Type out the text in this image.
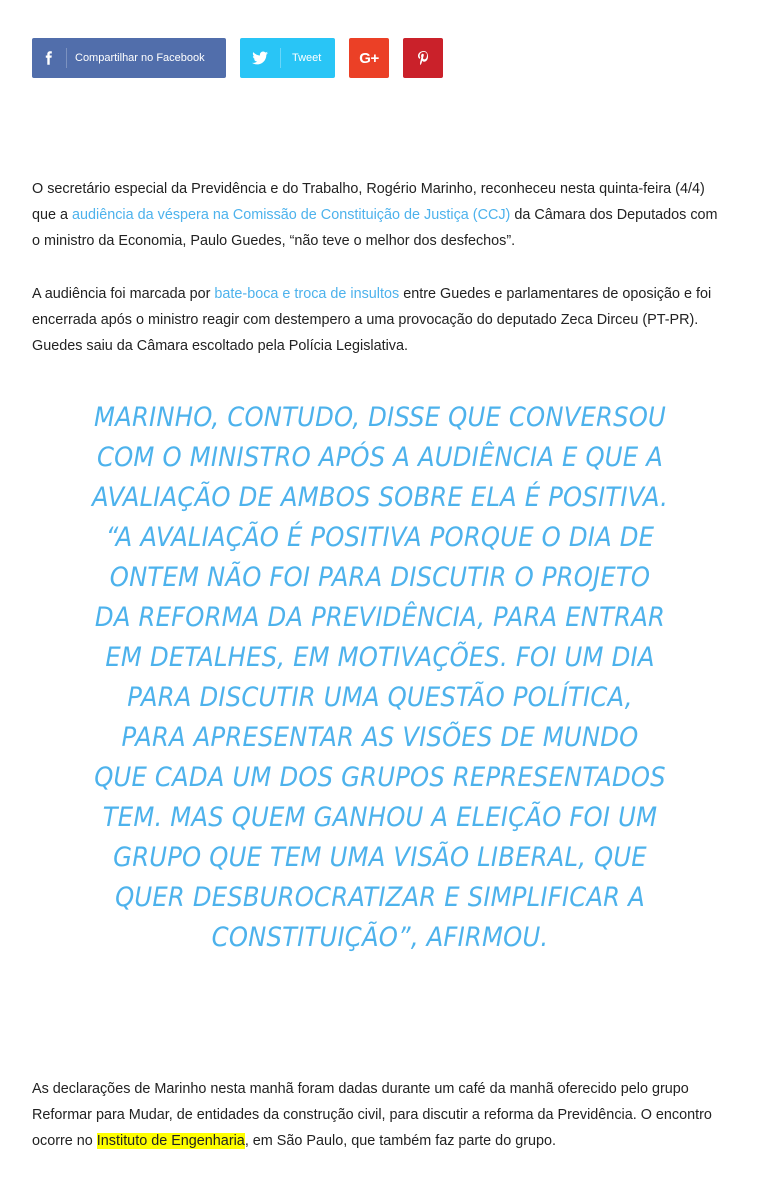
Compartilhar no Facebook	Tweet	G+

O secretário especial da Previdência e do Trabalho, Rogério Marinho, reconheceu nesta quinta-feira (4/4) que a audiência da véspera na Comissão de Constituição de Justiça (CCJ) da Câmara dos Deputados com o ministro da Economia, Paulo Guedes, “não teve o melhor dos desfechos”.

A audiência foi marcada por bate-boca e troca de insultos entre Guedes e parlamentares de oposição e foi encerrada após o ministro reagir com destempero a uma provocação do deputado Zeca Dirceu (PT-PR). Guedes saiu da Câmara escoltado pela Polícia Legislativa.

MARINHO, CONTUDO, DISSE QUE CONVERSOU COM O MINISTRO APÓS A AUDIÊNCIA E QUE A AVALIAÇÃO DE AMBOS SOBRE ELA É POSITIVA. “A AVALIAÇÃO É POSITIVA PORQUE O DIA DE ONTEM NÃO FOI PARA DISCUTIR O PROJETO DA REFORMA DA PREVIDÊNCIA, PARA ENTRAR EM DETALHES, EM MOTIVAÇÕES. FOI UM DIA PARA DISCUTIR UMA QUESTÃO POLÍTICA, PARA APRESENTAR AS VISÕES DE MUNDO QUE CADA UM DOS GRUPOS REPRESENTADOS TEM. MAS QUEM GANHOU A ELEIÇÃO FOI UM GRUPO QUE TEM UMA VISÃO LIBERAL, QUE QUER DESBUROCRATIZAR E SIMPLIFICAR A CONSTITUIÇÃO”, AFIRMOU.

As declarações de Marinho nesta manhã foram dadas durante um café da manhã oferecido pelo grupo Reformar para Mudar, de entidades da construção civil, para discutir a reforma da Previdência. O encontro ocorre no Instituto de Engenharia, em São Paulo, que também faz parte do grupo.
